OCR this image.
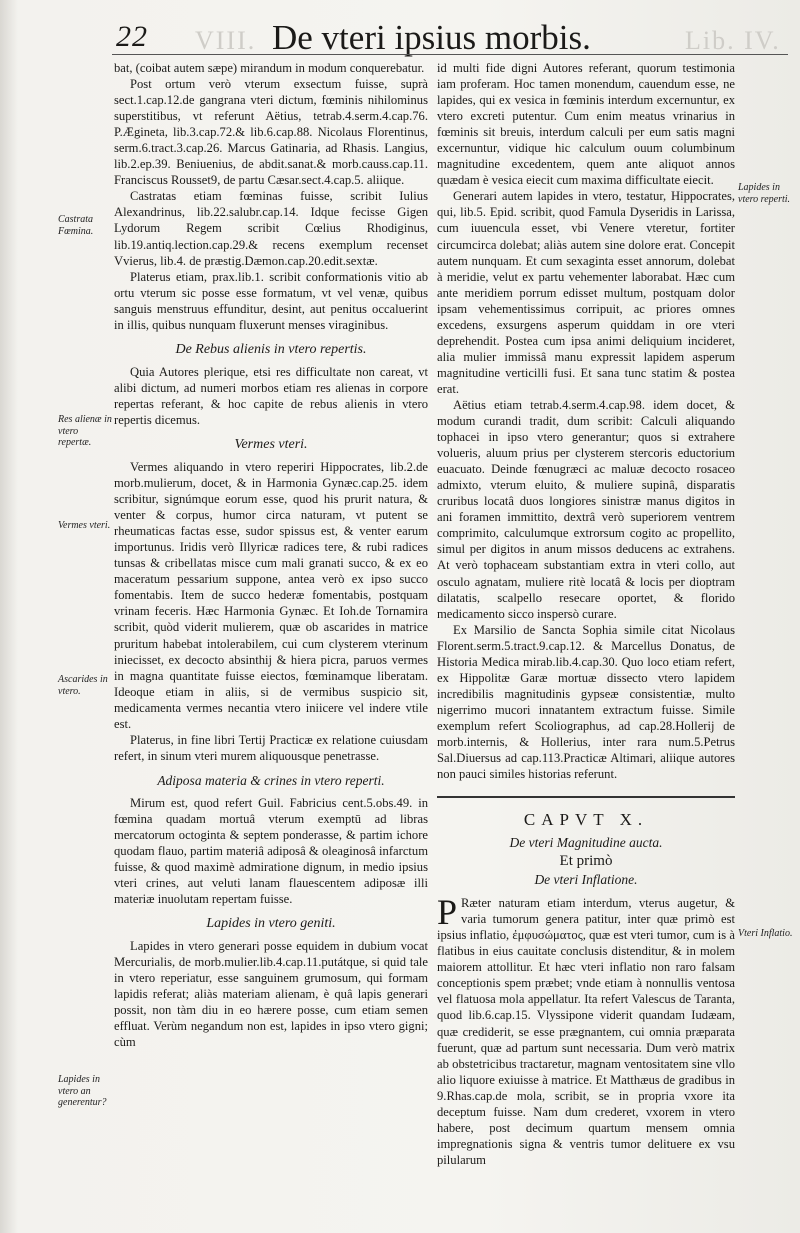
VIII.	Lib. IV.
22	De vteri ipsius morbis.
Castrata Fœmina.
Res alienæ in vtero repertæ.
Vermes vteri.
Ascarides in vtero.
Lapides in vtero an generentur?
Lapides in vtero reperti.
Vteri Inflatio.

bat, (coibat autem sæpe) mirandum in modum conquerebatur.

Post ortum verò vterum exsectum fuisse, suprà sect.1.cap.12.de gangrana vteri dictum, fœminis nihilominus superstitibus, vt referunt Aëtius, tetrab.4.serm.4.cap.76. P.Ægineta, lib.3.cap.72.& lib.6.cap.88. Nicolaus Florentinus, serm.6.tract.3.cap.26. Marcus Gatinaria, ad Rhasis. Langius, lib.2.ep.39. Beniuenius, de abdit.sanat.& morb.causs.cap.11. Franciscus Rousset9, de partu Cæsar.sect.4.cap.5. aliique.

Castratas etiam fœminas fuisse, scribit Iulius Alexandrinus, lib.22.salubr.cap.14. Idque fecisse Gigen Lydorum Regem scribit Cœlius Rhodiginus, lib.19.antiq.lection.cap.29.& recens exemplum recenset Vvierus, lib.4. de præstig.Dæmon.cap.20.edit.sextæ.

Platerus etiam, prax.lib.1. scribit conformationis vitio ab ortu vterum sic posse esse formatum, vt vel venæ, quibus sanguis menstruus effunditur, desint, aut penitus occaluerint in illis, quibus nunquam fluxerunt menses viraginibus.

De Rebus alienis in vtero repertis.

Quia Autores plerique, etsi res difficultate non careat, vt alibi dictum, ad numeri morbos etiam res alienas in corpore repertas referant, & hoc capite de rebus alienis in vtero repertis dicemus.

Vermes vteri.

Vermes aliquando in vtero reperiri Hippocrates, lib.2.de morb.mulierum, docet, & in Harmonia Gynæc.cap.25. idem scribitur, signúmque eorum esse, quod his prurit natura, & venter & corpus, humor circa naturam, vt putent se rheumaticas factas esse, sudor spissus est, & venter earum importunus. Iridis verò Illyricæ radices tere, & rubi radices tunsas & cribellatas misce cum mali granati succo, & ex eo maceratum pessarium suppone, antea verò ex ipso succo fomentabis. Item de succo hederæ fomentabis, postquam vrinam feceris. Hæc Harmonia Gynæc. Et Ioh.de Tornamira scribit, quòd viderit mulierem, quæ ob ascarides in matrice pruritum habebat intolerabilem, cui cum clysterem vterinum iniecisset, ex decocto absinthij & hiera picra, paruos vermes in magna quantitate fuisse eiectos, fœminamque liberatam. Ideoque etiam in aliis, si de vermibus suspicio sit, medicamenta vermes necantia vtero iniicere vel indere vtile est.

Platerus, in fine libri Tertij Practicæ ex relatione cuiusdam refert, in sinum vteri murem aliquousque penetrasse.

Adiposa materia & crines in vtero reperti.

Mirum est, quod refert Guil. Fabricius cent.5.obs.49. in fœmina quadam mortuâ vterum exemptū ad libras mercatorum octoginta & septem ponderasse, & partim ichore quodam flauo, partim materiâ adiposâ & oleaginosâ infarctum fuisse, & quod maximè admiratione dignum, in medio ipsius vteri crines, aut veluti lanam flauescentem adiposæ illi materiæ inuolutam repertam fuisse.

Lapides in vtero geniti.

Lapides in vtero generari posse equidem in dubium vocat Mercurialis, de morb.mulier.lib.4.cap.11.putátque, si quid tale in vtero reperiatur, esse sanguinem grumosum, qui formam lapidis referat; aliàs materiam alienam, è quâ lapis generari possit, non tàm diu in eo hærere posse, cum etiam semen effluat. Verùm negandum non est, lapides in ipso vtero gigni; cùm

id multi fide digni Autores referant, quorum testimonia iam proferam. Hoc tamen monendum, cauendum esse, ne lapides, qui ex vesica in fœminis interdum excernuntur, ex vtero excreti putentur. Cum enim meatus vrinarius in fœminis sit breuis, interdum calculi per eum satis magni excernuntur, vidique hic calculum ouum columbinum magnitudine excedentem, quem ante aliquot annos quædam è vesica eiecit cum maxima difficultate eiecit.

Generari autem lapides in vtero, testatur, Hippocrates, qui, lib.5. Epid. scribit, quod Famula Dyseridis in Larissa, cum iuuencula esset, vbi Venere vteretur, fortiter circumcirca dolebat; aliàs autem sine dolore erat. Concepit autem nunquam. Et cum sexaginta esset annorum, dolebat à meridie, velut ex partu vehementer laborabat. Hæc cum ante meridiem porrum edisset multum, postquam dolor ipsam vehementissimus corripuit, ac priores omnes excedens, exsurgens asperum quiddam in ore vteri deprehendit. Postea cum ipsa animi deliquium incideret, alia mulier immissâ manu expressit lapidem asperum magnitudine verticilli fusi. Et sana tunc statim & postea erat.

Aëtius etiam tetrab.4.serm.4.cap.98. idem docet, & modum curandi tradit, dum scribit: Calculi aliquando tophacei in ipso vtero generantur; quos si extrahere volueris, aluum prius per clysterem stercoris eductorium euacuato. Deinde fœnugræci ac maluæ decocto rosaceo admixto, vterum eluito, & muliere supinâ, disparatis cruribus locatâ duos longiores sinistræ manus digitos in ani foramen immittito, dextrâ verò superiorem ventrem comprimito, calculumque extrorsum cogito ac propellito, simul per digitos in anum missos deducens ac extrahens. At verò tophaceam substantiam extra in vteri collo, aut osculo agnatam, muliere ritè locatâ & locis per dioptram dilatatis, scalpello resecare oportet, & florido medicamento sicco inspersò curare.

Ex Marsilio de Sancta Sophia simile citat Nicolaus Florent.serm.5.tract.9.cap.12. & Marcellus Donatus, de Historia Medica mirab.lib.4.cap.30. Quo loco etiam refert, ex Hippolitæ Garæ mortuæ dissecto vtero lapidem incredibilis magnitudinis gypseæ consistentiæ, multo nigerrimo mucori innatantem extractum fuisse. Simile exemplum refert Scoliographus, ad cap.28.Hollerij de morb.internis, & Hollerius, inter rara num.5.Petrus Sal.Diuersus ad cap.113.Practicæ Altimari, aliique autores non pauci similes historias referunt.

CAPVT X.
De vteri Magnitudine aucta.
Et primò
De vteri Inflatione.

P Ræter naturam etiam interdum, vterus augetur, & varia tumorum genera patitur, inter quæ primò est ipsius inflatio, ἐμφυσώματος, quæ est vteri tumor, cum is à flatibus in eius cauitate conclusis distenditur, & in molem maiorem attollitur. Et hæc vteri inflatio non raro falsam conceptionis spem præbet; vnde etiam à nonnullis ventosa vel flatuosa mola appellatur. Ita refert Valescus de Taranta, quod lib.6.cap.15. Vlyssipone viderit quandam Iudæam, quæ crediderit, se esse prægnantem, cui omnia præparata fuerunt, quæ ad partum sunt necessaria. Dum verò matrix ab obstetricibus tractaretur, magnam ventositatem sine vllo alio liquore exiuisse à matrice. Et Matthæus de gradibus in 9.Rhas.cap.de mola, scribit, se in propria vxore ita deceptum fuisse. Nam dum crederet, vxorem in vtero habere, post decimum quartum mensem omnia impregnationis signa & ventris tumor delituere ex vsu pilularum
